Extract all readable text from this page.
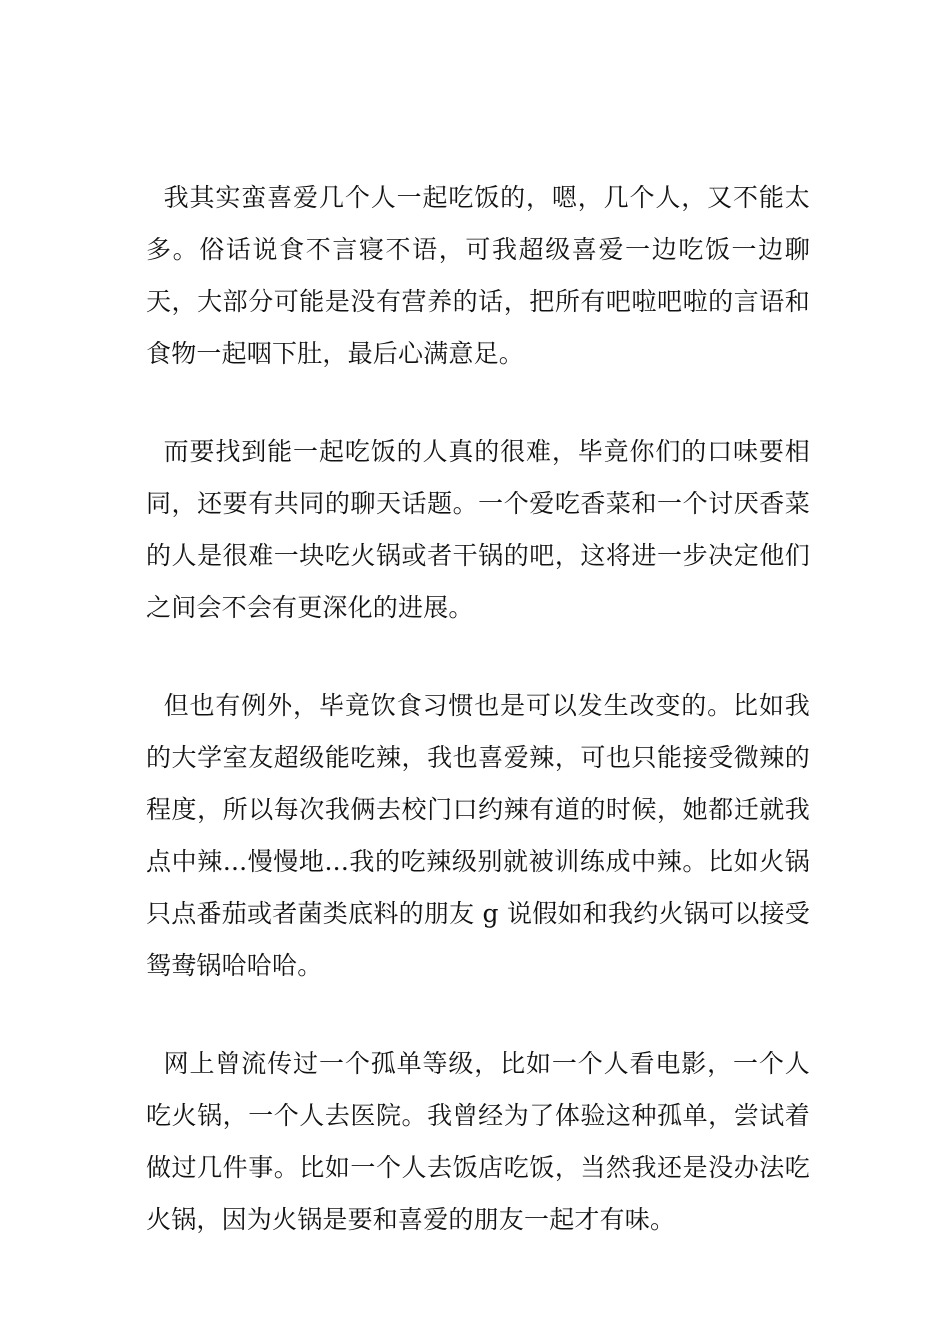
我其实蛮喜爱几个人一起吃饭的，嗯，几个人，又不能太多。俗话说食不言寝不语，可我超级喜爱一边吃饭一边聊天，大部分可能是没有营养的话，把所有吧啦吧啦的言语和食物一起咽下肚，最后心满意足。

而要找到能一起吃饭的人真的很难，毕竟你们的口味要相同，还要有共同的聊天话题。一个爱吃香菜和一个讨厌香菜的人是很难一块吃火锅或者干锅的吧，这将进一步决定他们之间会不会有更深化的进展。

但也有例外，毕竟饮食习惯也是可以发生改变的。比如我的大学室友超级能吃辣，我也喜爱辣，可也只能接受微辣的程度，所以每次我俩去校门口约辣有道的时候，她都迁就我点中辣...慢慢地...我的吃辣级别就被训练成中辣。比如火锅只点番茄或者菌类底料的朋友 g 说假如和我约火锅可以接受鸳鸯锅哈哈哈。

网上曾流传过一个孤单等级，比如一个人看电影，一个人吃火锅，一个人去医院。我曾经为了体验这种孤单，尝试着做过几件事。比如一个人去饭店吃饭，当然我还是没办法吃火锅，因为火锅是要和喜爱的朋友一起才有味。
